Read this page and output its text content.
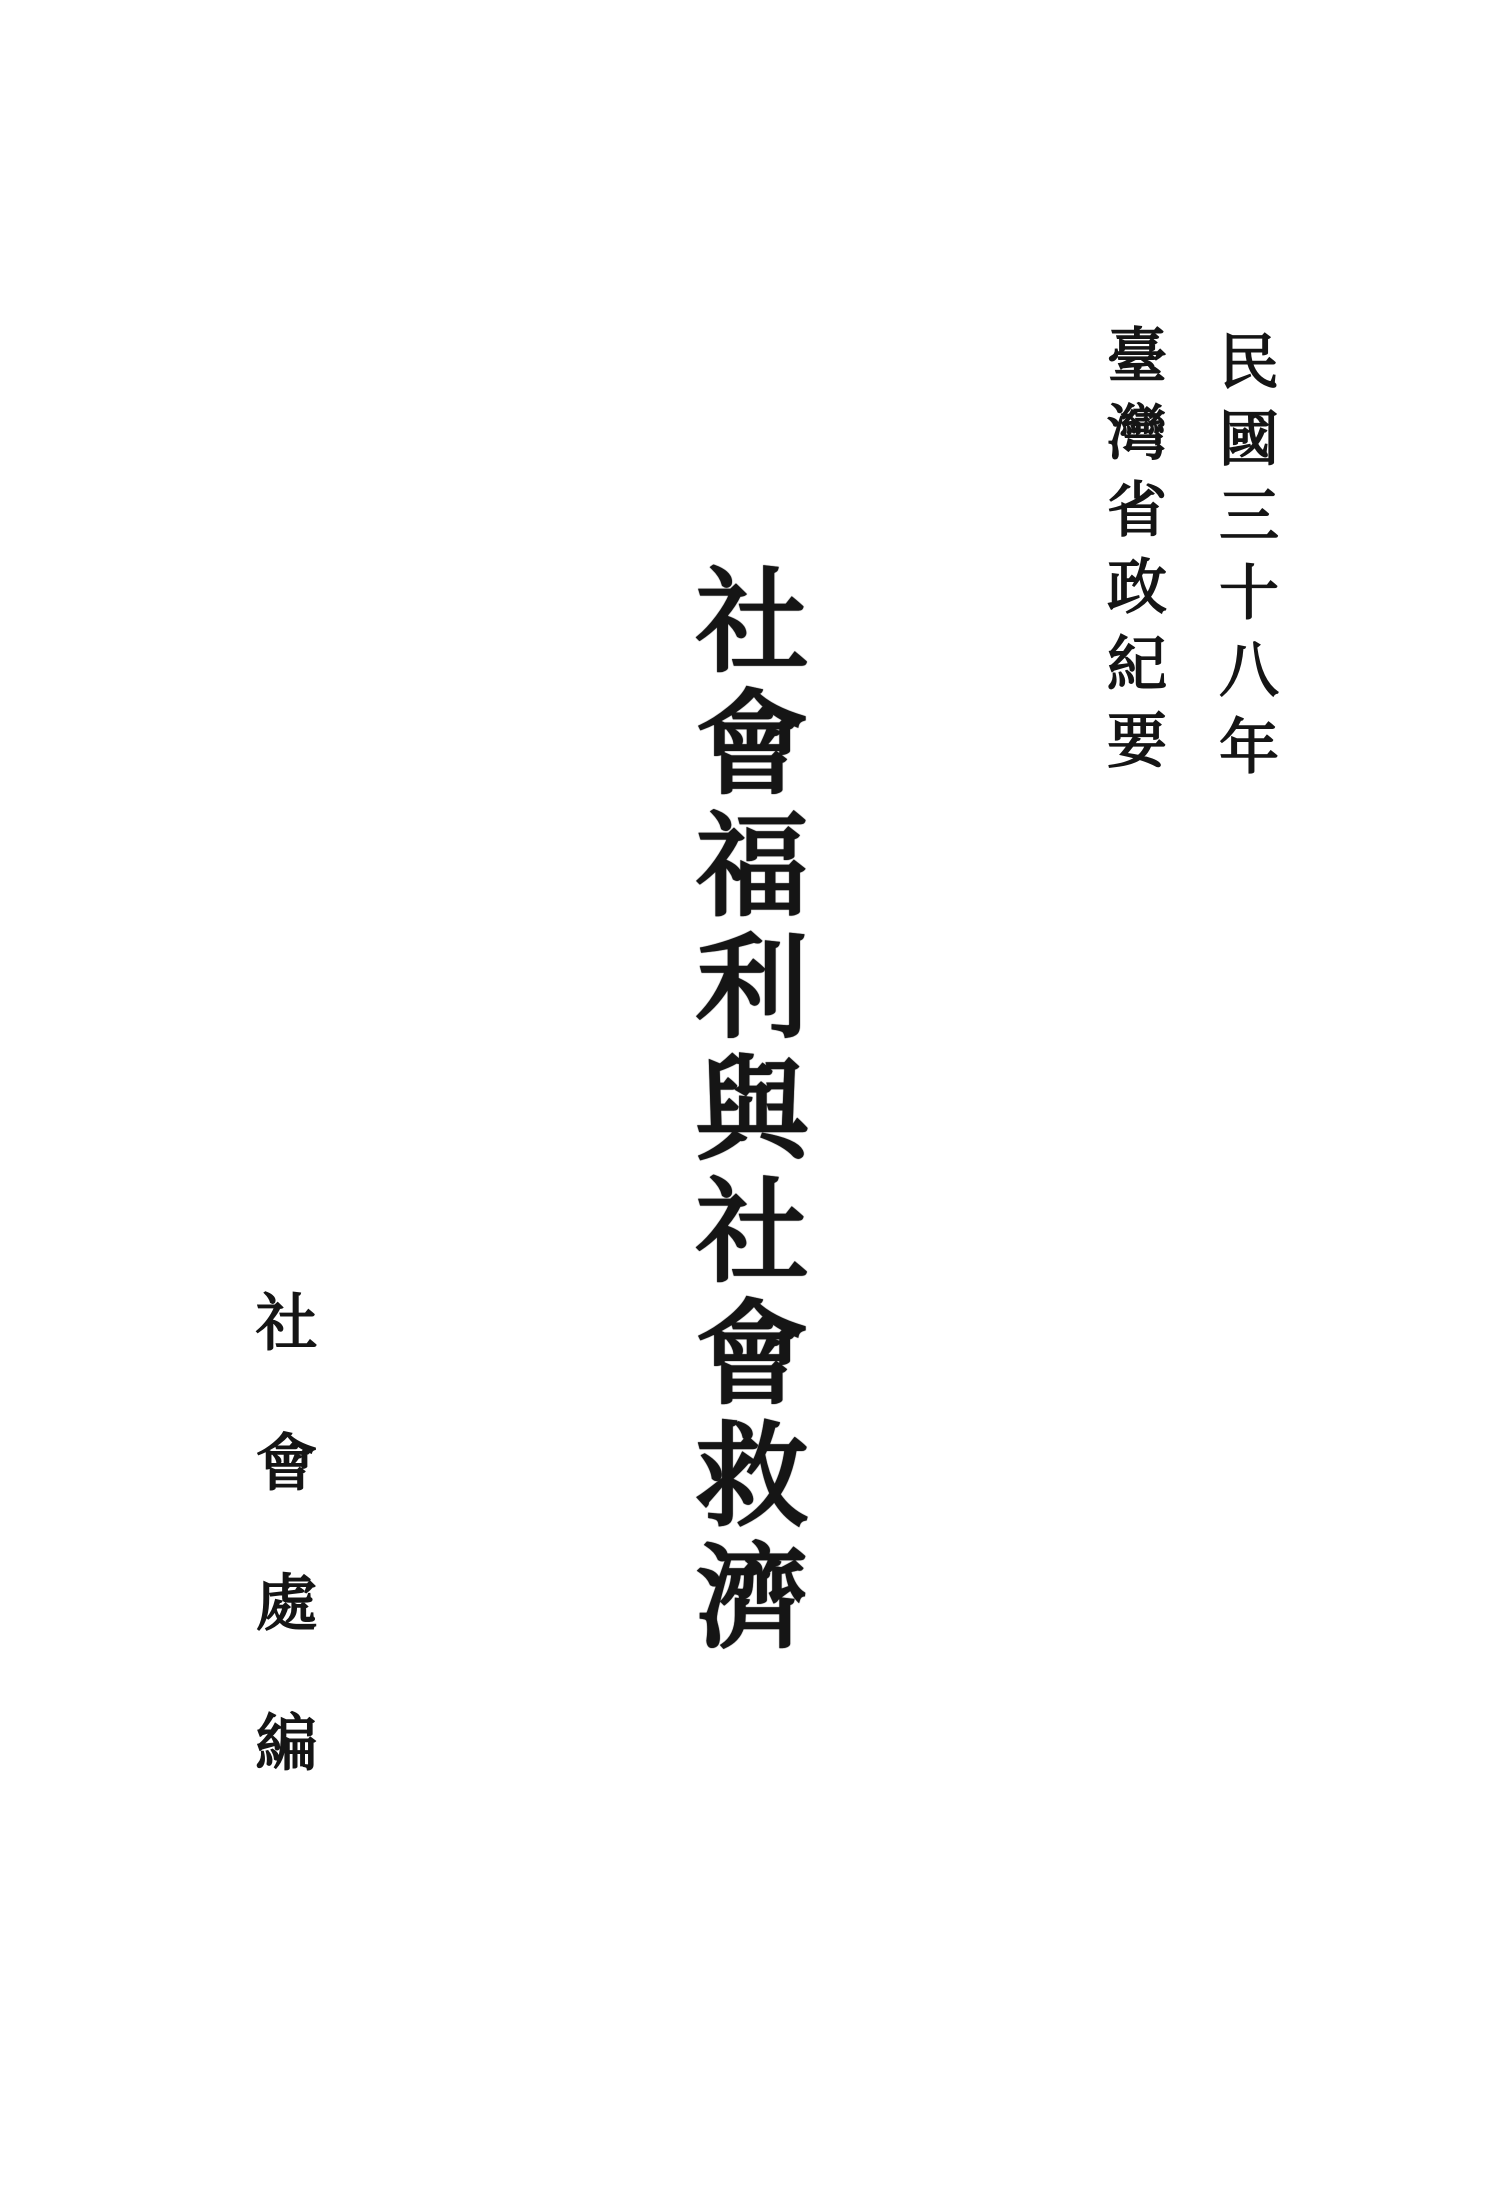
民國三十八年
臺灣省政紀要
社會福利與社會救濟
社會處編
